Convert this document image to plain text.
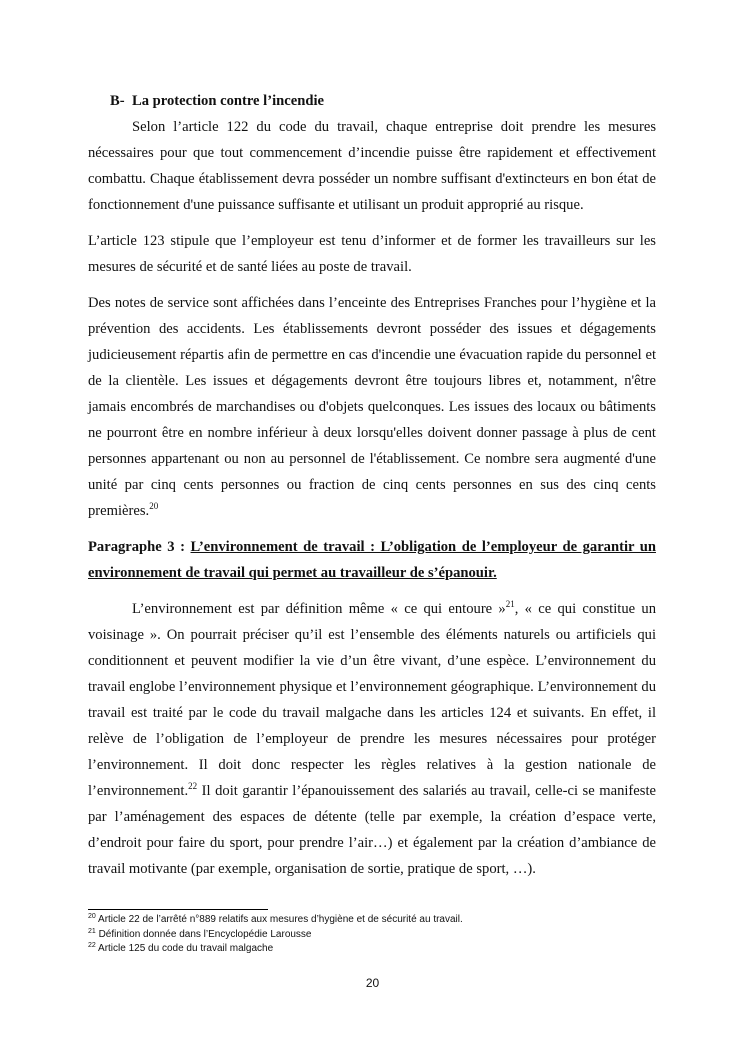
B- La protection contre l’incendie

Selon l’article 122 du code du travail, chaque entreprise doit prendre les mesures nécessaires pour que tout commencement d’incendie puisse être rapidement et effectivement combattu. Chaque établissement devra posséder un nombre suffisant d'extincteurs en bon état de fonctionnement d'une puissance suffisante et utilisant un produit approprié au risque.

L’article 123 stipule que l’employeur est tenu d’informer et de former les travailleurs sur les mesures de sécurité et de santé liées au poste de travail.

Des notes de service sont affichées dans l’enceinte des Entreprises Franches pour l’hygiène et la prévention des accidents. Les établissements devront posséder des issues et dégagements judicieusement répartis afin de permettre en cas d'incendie une évacuation rapide du personnel et de la clientèle. Les issues et dégagements devront être toujours libres et, notamment, n'être jamais encombrés de marchandises ou d'objets quelconques. Les issues des locaux ou bâtiments ne pourront être en nombre inférieur à deux lorsqu'elles doivent donner passage à plus de cent personnes appartenant ou non au personnel de l'établissement. Ce nombre sera augmenté d'une unité par cinq cents personnes ou fraction de cinq cents personnes en sus des cinq cents premières.$^{20}$

Paragraphe 3 : L’environnement de travail : L’obligation de l’employeur de garantir un environnement de travail qui permet au travailleur de s’épanouir.

L’environnement est par définition même « ce qui entoure »$^{21}$, « ce qui constitue un voisinage ». On pourrait préciser qu’il est l’ensemble des éléments naturels ou artificiels qui conditionnent et peuvent modifier la vie d’un être vivant, d’une espèce. L’environnement du travail englobe l’environnement physique et l’environnement géographique. L’environnement du travail est traité par le code du travail malgache dans les articles 124 et suivants. En effet, il relève de l’obligation de l’employeur de prendre les mesures nécessaires pour protéger l’environnement. Il doit donc respecter les règles relatives à la gestion nationale de l’environnement.$^{22}$ Il doit garantir l’épanouissement des salariés au travail, celle-ci se manifeste par l’aménagement des espaces de détente (telle par exemple, la création d’espace verte, d’endroit pour faire du sport, pour prendre l’air…) et également par la création d’ambiance de travail motivante (par exemple, organisation de sortie, pratique de sport, …).

$^{20}$ Article 22 de l’arrêté n°889 relatifs aux mesures d’hygiène et de sécurité au travail.
$^{21}$ Définition donnée dans l’Encyclopédie Larousse
$^{22}$ Article 125 du code du travail malgache
20
